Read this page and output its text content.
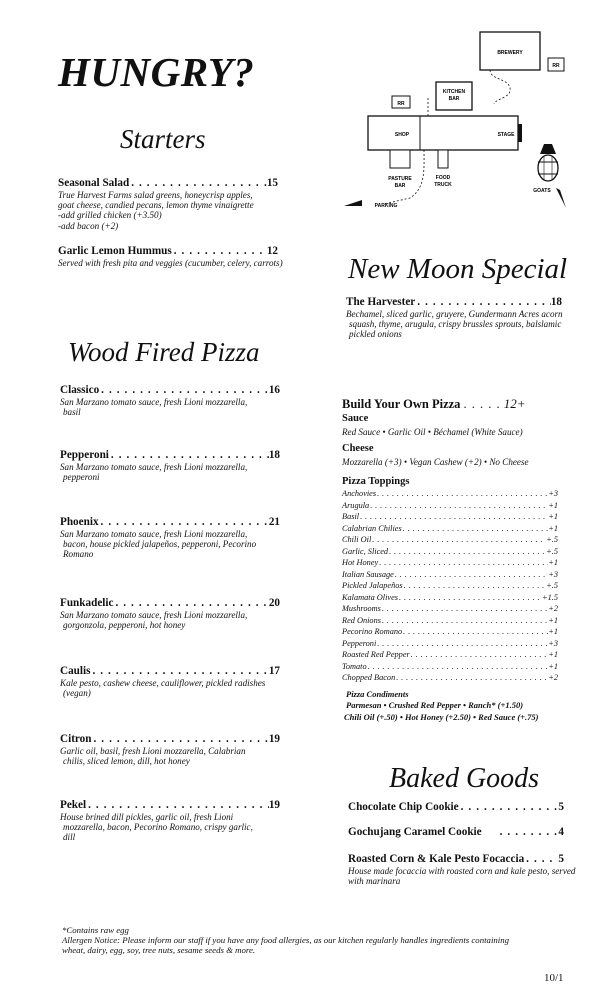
HUNGRY?	BREWERY
RR
KITCHEN
BAR
RR
SHOP	STAGE
PASTURE
BAR
FOOD
TRUCK
PARKING
GOATS
Starters
Seasonal Salad . . .	.15
True Harvest Farms salad greens, honeycrisp apples,
goat cheese, candied pecans, lemon thyme vinaigrette
-add grilled chicken (+3.50)
-add bacon (+2)
Garlic Lemon Hummus . . .	12
Served with fresh pita and veggies (cucumber, celery, carrots)
Wood Fired Pizza
Classico . . .	16
San Marzano tomato sauce, fresh Lioni mozzarella,
basil
Pepperoni . . .	18
San Marzano tomato sauce, fresh Lioni mozzarella,
pepperoni
Phoenix . . .	21
San Marzano tomato sauce, fresh Lioni mozzarella,
bacon, house pickled jalapeños, pepperoni, Pecorino
Romano
Funkadelic . . .	20
San Marzano tomato sauce, fresh Lioni mozzarella,
gorgonzola, pepperoni, hot honey
Caulis . . .	17
Kale pesto, cashew cheese, cauliflower, pickled radishes
(vegan)
Citron . . .	19
Garlic oil, basil, fresh Lioni mozzarella, Calabrian
chilis, sliced lemon, dill, hot honey
Pekel . . .	19
House brined dill pickles, garlic oil, fresh Lioni
mozzarella, bacon, Pecorino Romano, crispy garlic,
dill
New Moon Special
The Harvester . . .	18
Bechamel, sliced garlic, gruyere, Gundermann Acres acorn
squash, thyme, arugula, crispy brussles sprouts, balslamic
pickled onions
Build Your Own Pizza . . . . . 12+
Sauce
Red Sauce • Garlic Oil • Béchamel (White Sauce)
Cheese
Mozzarella (+3) • Vegan Cashew (+2) • No Cheese
Pizza Toppings
Anchovies . . .	+3
Arugula . . .	+1
Basil . . .	+1
Calabrian Chilies . . .	+1
Chili Oil . . .	+.5
Garlic, Sliced . . .	+.5
Hot Honey . . .	+1
Italian Sausage . . .	+3
Pickled Jalapeños . . .	+.5
Kalamata Olives . . .	+1.5
Mushrooms . . .	+2
Red Onions . . .	+1
Pecorino Romano . . .	+1
Pepperoni . . .	+3
Roasted Red Pepper . . .	+1
Tomato . . .	+1
Chopped Bacon . . .	+2
Pizza Condiments
Parmesan • Crushed Red Pepper • Ranch* (+1.50)
Chili Oil (+.50) • Hot Honey (+2.50) • Red Sauce (+.75)
Baked Goods
Chocolate Chip Cookie . . .	5
Gochujang Caramel Cookie . . .	4
Roasted Corn & Kale Pesto Focaccia . . .	5
House made focaccia with roasted corn and kale pesto, served
with marinara
*Contains raw egg
Allergen Notice: Please inform our staff if you have any food allergies, as our kitchen regularly handles ingredients containing
wheat, dairy, egg, soy, tree nuts, sesame seeds & more.
10/1
